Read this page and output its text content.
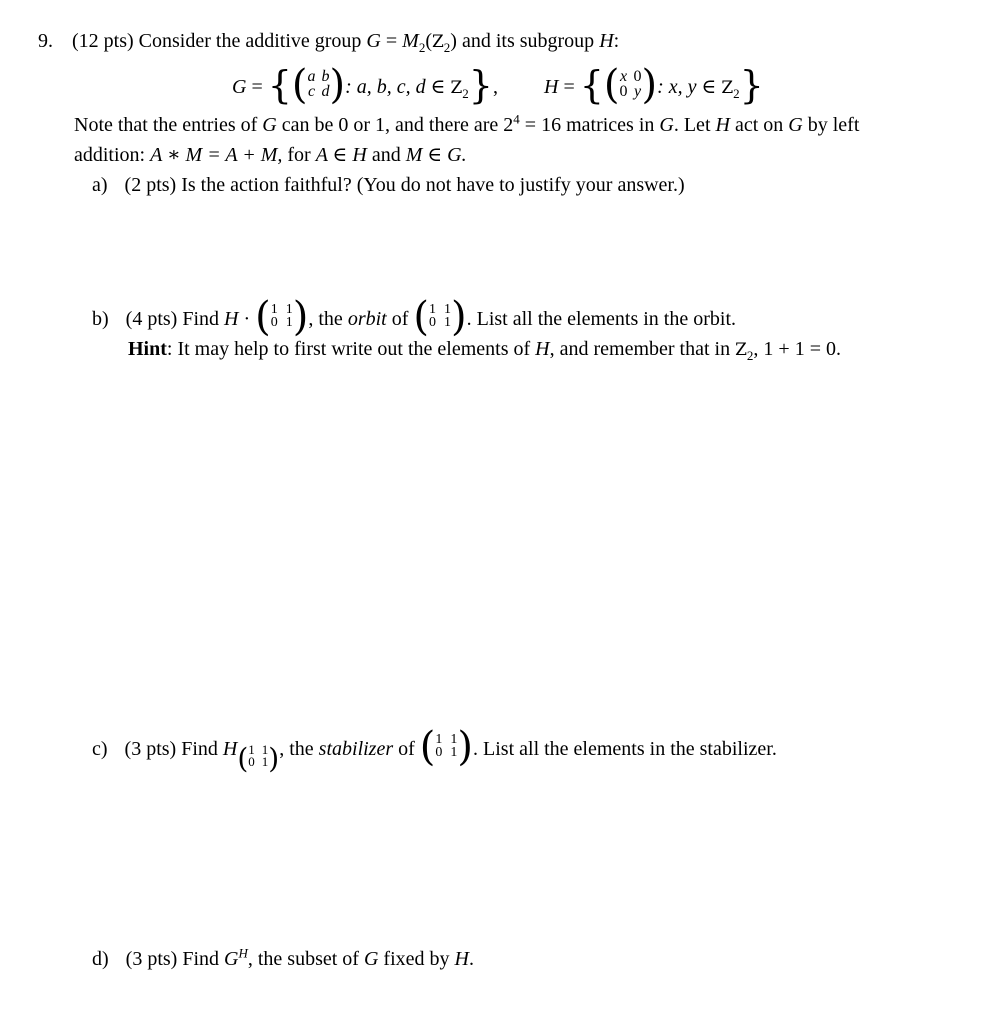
9. (12 pts) Consider the additive group $G = M_2(Z_2)$ and its subgroup H:
G = {( a b
c d ): a, b, c, d ∈ $Z_2$},  H = {( x 0
0 y ): x, y ∈ $Z_2$}
Note that the entries of G can be 0 or 1, and there are $2^4 = 16$ matrices in G. Let H act on G by left
addition: A ∗ M = A + M, for A ∈ H and M ∈ G.
a) (2 pts) Is the action faithful? (You do not have to justify your answer.)
b) (4 pts) Find H · ( 1 1
0 1 ), the orbit of ( 1 1
0 1 ). List all the elements in the orbit.
Hint: It may help to first write out the elements of H, and remember that in $Z_2$, 1 + 1 = 0.
c) (3 pts) Find H( 1 1
0 1 ), the stabilizer of ( 1 1
0 1 ). List all the elements in the stabilizer.
d) (3 pts) Find $G^H$, the subset of G fixed by H.
